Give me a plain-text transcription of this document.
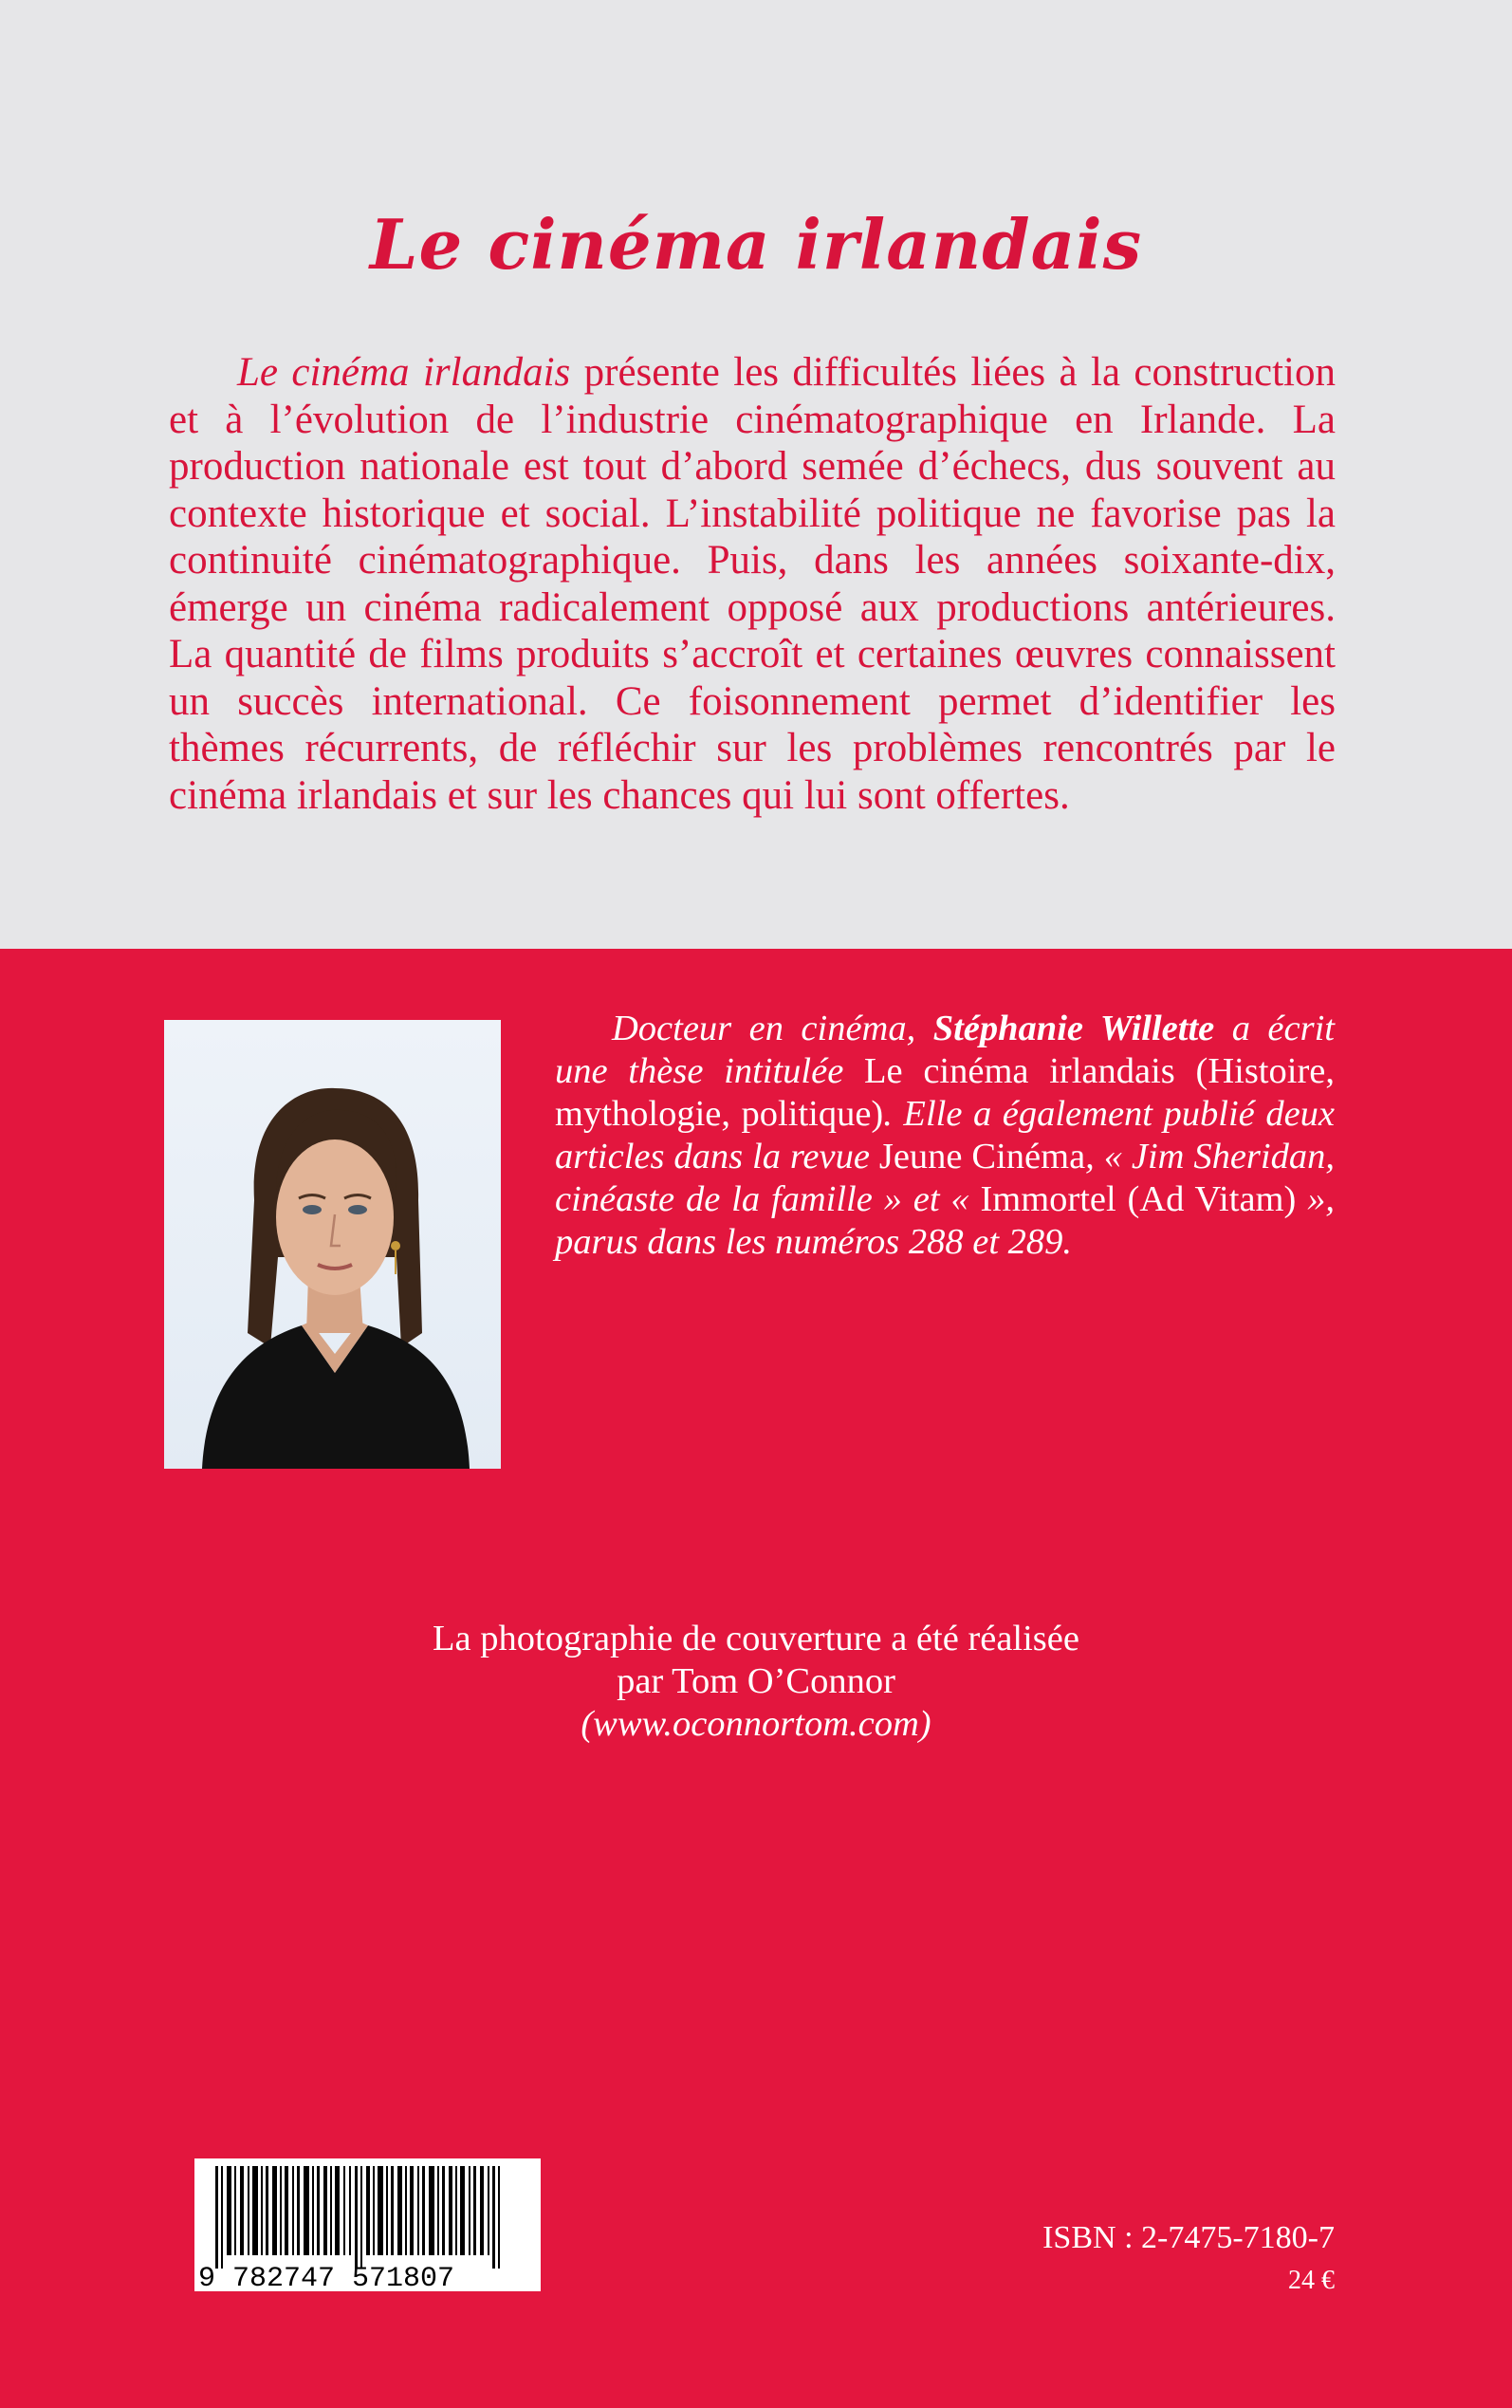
Le cinéma irlandais

Le cinéma irlandais présente les difficultés liées à la construction et à l’évolution de l’industrie cinématographique en Irlande. La production nationale est tout d’abord semée d’échecs, dus souvent au contexte historique et social. L’instabilité politique ne favorise pas la continuité cinématographique. Puis, dans les années soixante-dix, émerge un cinéma radicalement opposé aux productions antérieures. La quantité de films produits s’accroît et certaines œuvres connaissent un succès international. Ce foisonnement permet d’identifier les thèmes récurrents, de réfléchir sur les problèmes rencontrés par le cinéma irlandais et sur les chances qui lui sont offertes.

Docteur en cinéma, Stéphanie Willette a écrit une thèse intitulée Le cinéma irlandais (Histoire, mythologie, politique). Elle a également publié deux articles dans la revue Jeune Cinéma, « Jim Sheridan, cinéaste de la famille » et « Immortel (Ad Vitam) », parus dans les numéros 288 et 289.

La photographie de couverture a été réalisée
par Tom O’Connor
(www.oconnortom.com)
9 782747 571807
ISBN : 2-7475-7180-7
24 €
